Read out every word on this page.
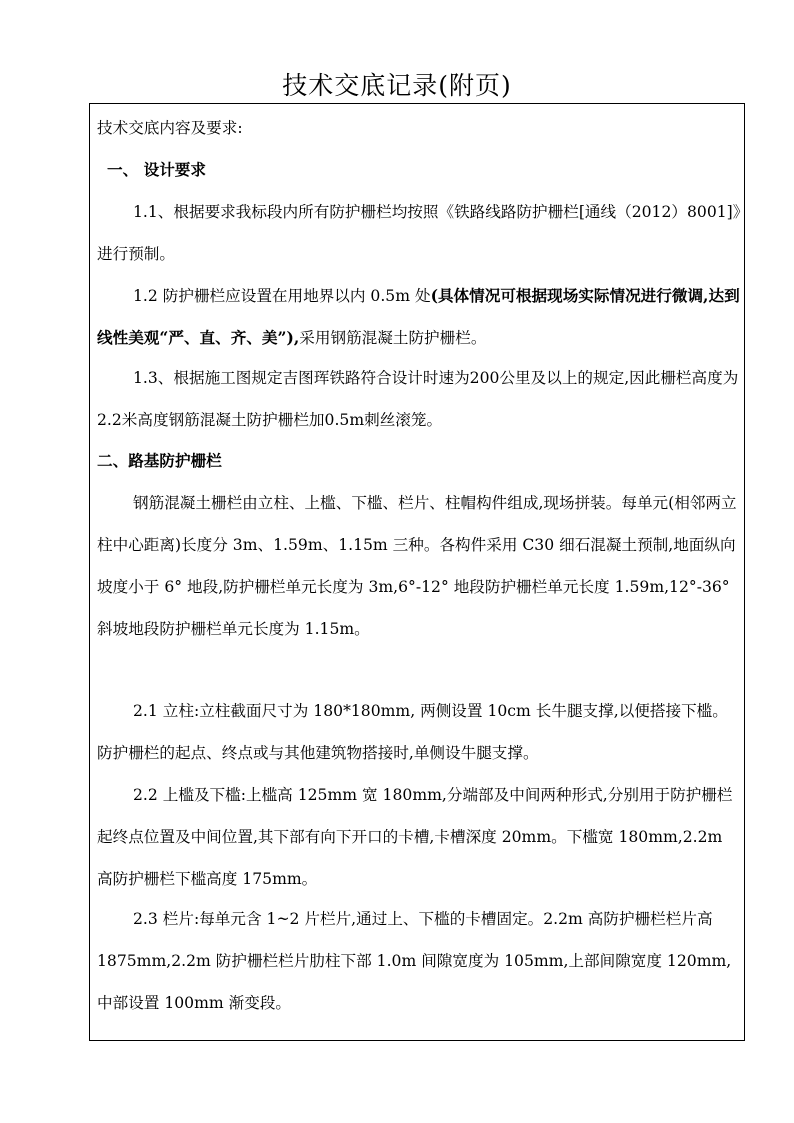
技术交底记录(附页)

技术交底内容及要求:

一、 设计要求

1.1、根据要求我标段内所有防护栅栏均按照《铁路线路防护栅栏[通线（2012）8001]》进行预制。

1.2 防护栅栏应设置在用地界以内 0.5m 处(具体情况可根据现场实际情况进行微调,达到线性美观“严、直、齐、美”),采用钢筋混凝土防护栅栏。

1.3、根据施工图规定吉图珲铁路符合设计时速为200公里及以上的规定,因此栅栏高度为2.2米高度钢筋混凝土防护栅栏加0.5m刺丝滚笼。

二、路基防护栅栏

钢筋混凝土栅栏由立柱、上槛、下槛、栏片、柱帽构件组成,现场拼装。每单元(相邻两立柱中心距离)长度分 3m、1.59m、1.15m 三种。各构件采用 C30 细石混凝土预制,地面纵向坡度小于 6° 地段,防护栅栏单元长度为 3m,6°-12° 地段防护栅栏单元长度 1.59m,12°-36° 斜坡地段防护栅栏单元长度为 1.15m。

2.1 立柱:立柱截面尺寸为 180*180mm, 两侧设置 10cm 长牛腿支撑,以便搭接下槛。防护栅栏的起点、终点或与其他建筑物搭接时,单侧设牛腿支撑。

2.2 上槛及下槛:上槛高 125mm 宽 180mm,分端部及中间两种形式,分别用于防护栅栏起终点位置及中间位置,其下部有向下开口的卡槽,卡槽深度 20mm。下槛宽 180mm,2.2m 高防护栅栏下槛高度 175mm。

2.3 栏片:每单元含 1~2 片栏片,通过上、下槛的卡槽固定。2.2m 高防护栅栏栏片高 1875mm,2.2m 防护栅栏栏片肋柱下部 1.0m 间隙宽度为 105mm,上部间隙宽度 120mm,中部设置 100mm 渐变段。
